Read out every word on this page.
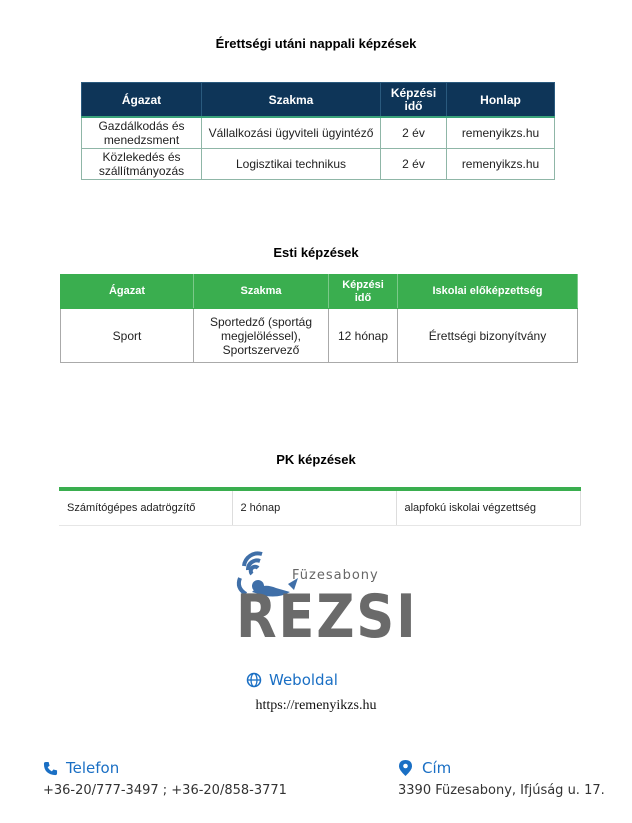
Érettségi utáni nappali képzések
Ágazat	Szakma	Képzési idő	Honlap
Gazdálkodás és menedzsment	Vállalkozási ügyviteli ügyintéző	2 év	remenyikzs.hu
Közlekedés és szállítmányozás	Logisztikai technikus	2 év	remenyikzs.hu
Esti képzések
Ágazat	Szakma	Képzési idő	Iskolai előképzettség
Sport	Sportedző (sportág megjelöléssel), Sportszervező	12 hónap	Érettségi bizonyítvány
PK képzések
Számítógépes adatrögzítő	2 hónap	alapfokú iskolai végzettség
Füzesabony
REZSI
Weboldal
https://remenyikzs.hu
Telefon
+36-20/777-3497 ; +36-20/858-3771
Cím
3390 Füzesabony, Ifjúság u. 17.
